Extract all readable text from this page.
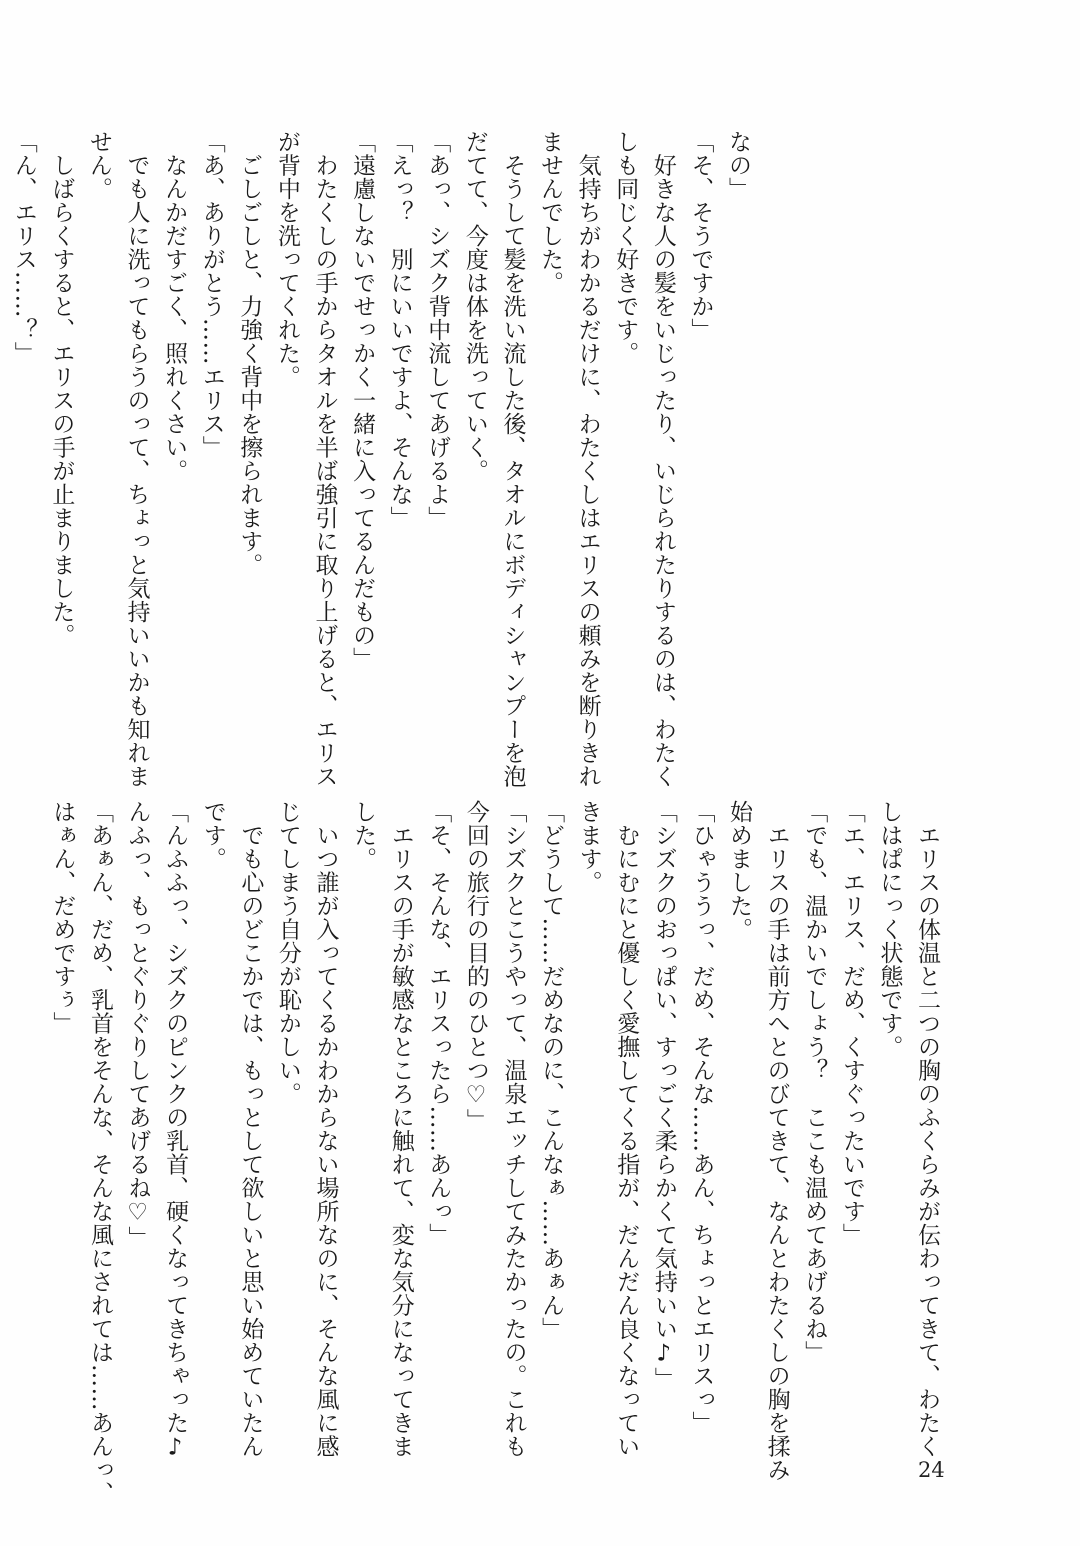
なの」
「そ、そうですか」
　好きな人の髪をいじったり、いじられたりするのは、わたく
しも同じく好きです。
　気持ちがわかるだけに、わたくしはエリスの頼みを断りきれ
ませんでした。
　そうして髪を洗い流した後、タオルにボディシャンプーを泡
だてて、今度は体を洗っていく。
「あっ、シズク背中流してあげるよ」
「えっ？　別にいいですよ、そんな」
「遠慮しないでせっかく一緒に入ってるんだもの」
　わたくしの手からタオルを半ば強引に取り上げると、エリス
が背中を洗ってくれた。
　ごしごしと、力強く背中を擦られます。
「あ、ありがとう……エリス」
　なんかだすごく、照れくさい。
　でも人に洗ってもらうのって、ちょっと気持いいかも知れま
せん。
　しばらくすると、エリスの手が止まりました。
「ん、エリス……？」
　エリスの体温と二つの胸のふくらみが伝わってきて、わたく
しはぱにっく状態です。
「エ、エリス、だめ、くすぐったいです」
「でも、温かいでしょう？　ここも温めてあげるね」
　エリスの手は前方へとのびてきて、なんとわたくしの胸を揉み
始めました。
「ひゃううっ、だめ、そんな……あん、ちょっとエリスっ」
「シズクのおっぱい、すっごく柔らかくて気持いい♪」
　むにむにと優しく愛撫してくる指が、だんだん良くなってい
きます。
「どうして……だめなのに、こんなぁ……あぁん」
「シズクとこうやって、温泉エッチしてみたかったの。これも
今回の旅行の目的のひとつ♡」
「そ、そんな、エリスったら……あんっ」
　エリスの手が敏感なところに触れて、変な気分になってきま
した。
　いつ誰が入ってくるかわからない場所なのに、そんな風に感
じてしまう自分が恥かしい。
　でも心のどこかでは、もっとして欲しいと思い始めていたん
です。
「んふふっ、シズクのピンクの乳首、硬くなってきちゃった♪
んふっ、もっとぐりぐりしてあげるね♡」
「あぁん、だめ、乳首をそんな、そんな風にされては……あんっ、
はぁん、だめですぅ」
24
